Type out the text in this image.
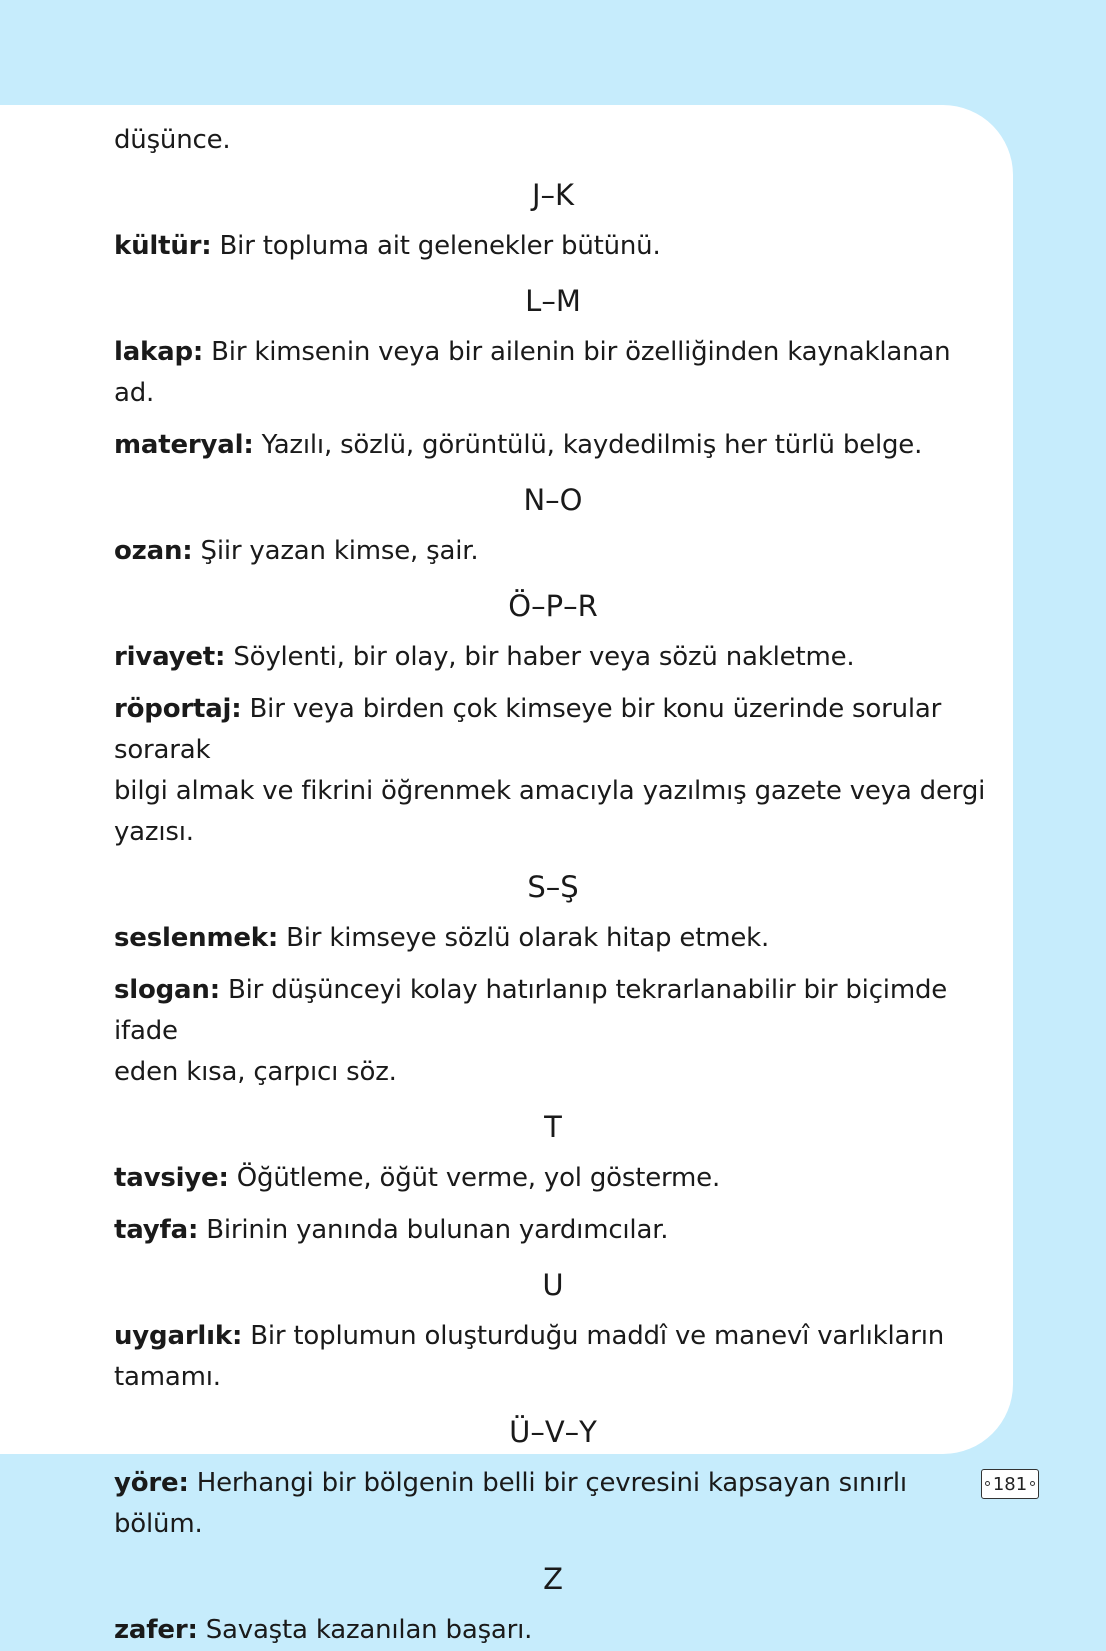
düşünce.
J–K
kültür: Bir topluma ait gelenekler bütünü.
L–M
lakap: Bir kimsenin veya bir ailenin bir özelliğinden kaynaklanan ad.
materyal: Yazılı, sözlü, görüntülü, kaydedilmiş her türlü belge.
N–O
ozan: Şiir yazan kimse, şair.
Ö–P–R
rivayet: Söylenti, bir olay, bir haber veya sözü nakletme.
röportaj: Bir veya birden çok kimseye bir konu üzerinde sorular sorarak
bilgi almak ve fikrini öğrenmek amacıyla yazılmış gazete veya dergi
yazısı.
S–Ş
seslenmek: Bir kimseye sözlü olarak hitap etmek.
slogan: Bir düşünceyi kolay hatırlanıp tekrarlanabilir bir biçimde ifade
eden kısa, çarpıcı söz.
T
tavsiye: Öğütleme, öğüt verme, yol gösterme.
tayfa: Birinin yanında bulunan yardımcılar.
U
uygarlık: Bir toplumun oluşturduğu maddî ve manevî varlıkların tamamı.
Ü–V–Y
yöre: Herhangi bir bölgenin belli bir çevresini kapsayan sınırlı bölüm.
Z
zafer: Savaşta kazanılan başarı.
181
